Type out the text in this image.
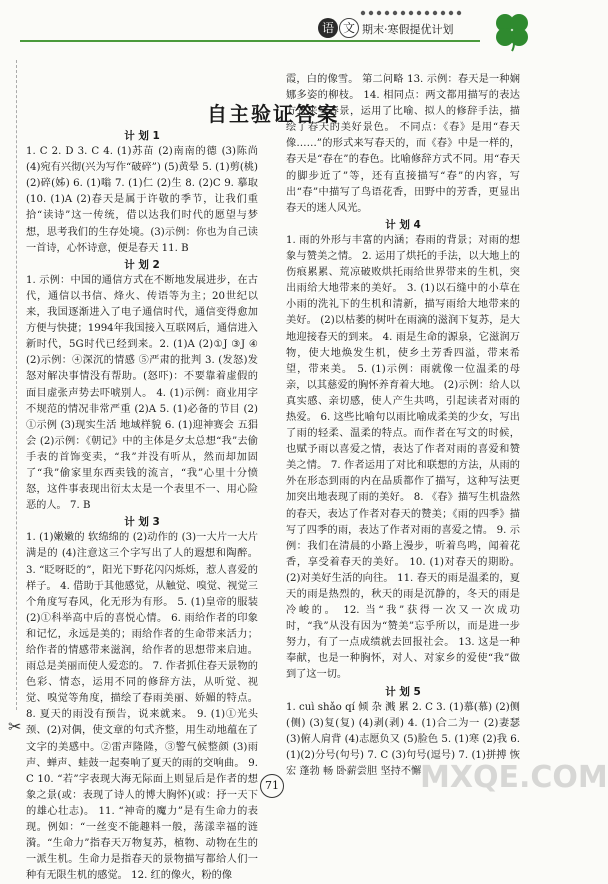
语 文 期末·寒假提优计划
自主验证答案

计 划 1

1. C 2. D 3. C 4. (1)苏苗 (2)南南的德 (3)陈尚 (4)宛有兴彻(兴为写作“破碎”) (5)黄晕 5. (1)剪(桃) (2)碎(姊) 6. (1)嗡 7. (1)仁 (2)生 8. (2)C 9. 摹取 (10. (1)A (2)春天是属于许敬的季节，让我们重拾“读诗”这一传统，借以达我们时代的愿望与梦想，思考我们的生存处境。(3)示例：你也为自己读一首诗，心怀诗意，便是春天 11. B

计 划 2

1. 示例：中国的通信方式在不断地发展进步，在古代，通信以书信、烽火、传语等为主；20世纪以来，我国逐渐进入了电子通信时代，通信变得愈加方便与快捷；1994年我国接入互联网后，通信进入新时代，5G时代已经到来。2. (1)A (2)①J ③J ④(2)示例：④深沉的情感 ⑤严肃的批判 3. (发怒)发怒对解决事情没有帮助。(怒吓)：不要靠着虚假的面目虚张声势去吓唬别人。 4. (1)示例：商业用字不规范的情况非常严重 (2)A 5. (1)必备的节目 (2)①示例 (3)现实生活 地域样貌 6. (1)迎神赛会 五猖会 (2)示例：《朝记》中的主体是夕太总想“我”去偷手表的首饰变卖，“我”并没有听从，然而却加固了“我”偷家里东西卖钱的流言，“我”心里十分愤怒，这件事表现出衍太太是一个表里不一、用心险恶的人。 7. B

计 划 3

1. (1)嫩嫩的 软绵绵的 (2)动作的 (3)一大片一大片满是的 (4)注意这三个字写出了人的遐想和陶醉。 3. “眨呀眨的”，阳光下野花闪闪烁烁，惹人喜爱的样子。 4. 借助于其他感觉，从触觉、嗅觉、视觉三个角度写春风，化无形为有形。 5. (1)皇帝的服装 (2)①科举高中后的喜悦心情。 6. 雨给作者的印象和记忆，永远是美的；雨给作者的生命带来活力；给作者的情感带来滋润，给作者的思想带来启迪。雨总是美丽而使人爱恋的。 7. 作者抓住春天景物的色彩、情态，运用不同的修辞方法，从听觉、视觉、嗅觉等角度，描绘了春雨美丽、娇媚的特点。 8. 夏天的雨没有预告，说来就来。 9. (1)①光头颈、(2)对偶，使文章的句式齐整，用生动地蕴在了文字的美感中。②雷声隆隆，③警气候整颜 (3)雨声、蝉声、蛙鼓一起奏响了夏天的雨的交响曲。 9. C 10. “若”字表现大海无际面上则显后是作者的想象之景(或：表现了诗人的博大胸怀)(或：抒一天下的雄心壮志)。 11. “神奇的魔力”是有生命力的表现。例如：“一丝变不能趣料一般，荡漾幸福的涟漪。“生命力”指春天万物复苏，植物、动物在生的一派生机。生命力是指春天的景物描写都给人们一种有无限生机的感觉。 12. 红的像火，粉的像

霞，白的像雪。 第二问略 13. 示例：春天是一种娴娜多姿的柳枝。 14. 相同点：两文都用描写的表达方式来写春景，运用了比喻、拟人的修辞手法，描绘了春天的美好景色。 不同点：《春》是用“春天像……”的形式来写春天的，而《春》中是一样的，春天是“春在”的春色。比喻修辞方式不同。用“春天的脚步近了”等，还有直接描写“春”的内容，写出“春”中描写了鸟语花香，田野中的芳香，更显出春天的迷人风光。

计 划 4

1. 雨的外形与丰富的内涵；春雨的背景；对雨的想象与赞美之情。 2. 运用了烘托的手法，以大地上的伤痕累累、荒凉破败烘托雨给世界带来的生机，突出雨给大地带来的美好。 3. (1)以石缝中的小草在小雨的洗礼下的生机和清新，描写雨给大地带来的美好。 (2)以枯萎的树叶在雨滴的滋润下复苏，是大地迎接春天的到来。 4. 雨是生命的源泉，它滋润万物，使大地焕发生机，使乡土芳香四溢，带来希望，带来美。 5. (1)示例：雨就像一位温柔的母亲，以其慈爱的胸怀养育着大地。 (2)示例：给人以真实感、亲切感，使人产生共鸣，引起读者对雨的热爱。 6. 这些比喻句以雨比喻成柔美的少女，写出了雨的轻柔、温柔的特点。而作者在写文的时候，也赋予雨以喜爱之情，表达了作者对雨的喜爱和赞美之情。 7. 作者运用了对比和联想的方法，从雨的外在形态到雨的内在品质都作了描写，这种写法更加突出地表现了雨的美好。 8. 《春》描写生机盎然的春天，表达了作者对春天的赞美；《雨的四季》描写了四季的雨，表达了作者对雨的喜爱之情。 9. 示例：我们在清晨的小路上漫步，听着鸟鸣，闻着花香，享受着春天的美好。 10. (1)对春天的期盼。(2)对美好生活的向往。 11. 春天的雨是温柔的，夏天的雨是热烈的，秋天的雨是沉静的，冬天的雨是冷峻的。 12. 当“我”获得一次又一次成功时，“我”从没有因为“赞美”忘乎所以，而是进一步努力，有了一点成绩就去回报社会。 13. 这是一种奉献，也是一种胸怀，对人、对家乡的爱使“我”做到了这一切。

计 划 5

1. cuì shǎo qí 倾 杂 溅 累 2. C 3. (1)慕(慕) (2)侧(侧) (3)复(复) (4)剥(剥) 4. (1)合二为一 (2)妻瑟 (3)俯人肩背 (4)志愿负又 (5)脸色 5. (1)寒 (2)我 6. (1)(2)分号(句号) 7. C (3)句号(逗号) 7. (1)拼搏 恢宏 蓬勃 畅 卧薪尝胆 坚持不懈

✂
71	MXQE.COM
